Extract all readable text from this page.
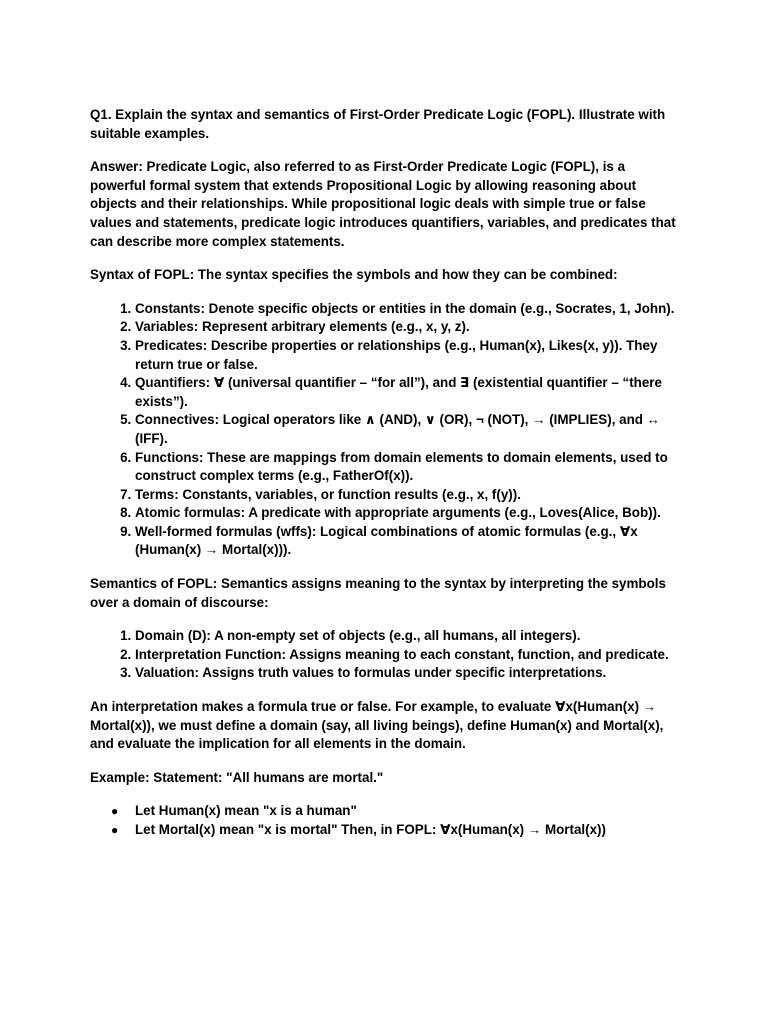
Q1. Explain the syntax and semantics of First-Order Predicate Logic (FOPL). Illustrate with suitable examples.

Answer: Predicate Logic, also referred to as First-Order Predicate Logic (FOPL), is a powerful formal system that extends Propositional Logic by allowing reasoning about objects and their relationships. While propositional logic deals with simple true or false values and statements, predicate logic introduces quantifiers, variables, and predicates that can describe more complex statements.

Syntax of FOPL: The syntax specifies the symbols and how they can be combined:

1. Constants: Denote specific objects or entities in the domain (e.g., Socrates, 1, John).
2. Variables: Represent arbitrary elements (e.g., x, y, z).
3. Predicates: Describe properties or relationships (e.g., Human(x), Likes(x, y)). They return true or false.
4. Quantifiers: ∀ (universal quantifier – “for all”), and ∃ (existential quantifier – “there exists”).
5. Connectives: Logical operators like ∧ (AND), ∨ (OR), ¬ (NOT), → (IMPLIES), and ↔ (IFF).
6. Functions: These are mappings from domain elements to domain elements, used to construct complex terms (e.g., FatherOf(x)).
7. Terms: Constants, variables, or function results (e.g., x, f(y)).
8. Atomic formulas: A predicate with appropriate arguments (e.g., Loves(Alice, Bob)).
9. Well-formed formulas (wffs): Logical combinations of atomic formulas (e.g., ∀x (Human(x) → Mortal(x))).

Semantics of FOPL: Semantics assigns meaning to the syntax by interpreting the symbols over a domain of discourse:

1. Domain (D): A non-empty set of objects (e.g., all humans, all integers).
2. Interpretation Function: Assigns meaning to each constant, function, and predicate.
3. Valuation: Assigns truth values to formulas under specific interpretations.

An interpretation makes a formula true or false. For example, to evaluate ∀x(Human(x) → Mortal(x)), we must define a domain (say, all living beings), define Human(x) and Mortal(x), and evaluate the implication for all elements in the domain.

Example: Statement: "All humans are mortal."

● Let Human(x) mean "x is a human"
● Let Mortal(x) mean "x is mortal" Then, in FOPL: ∀x(Human(x) → Mortal(x))
